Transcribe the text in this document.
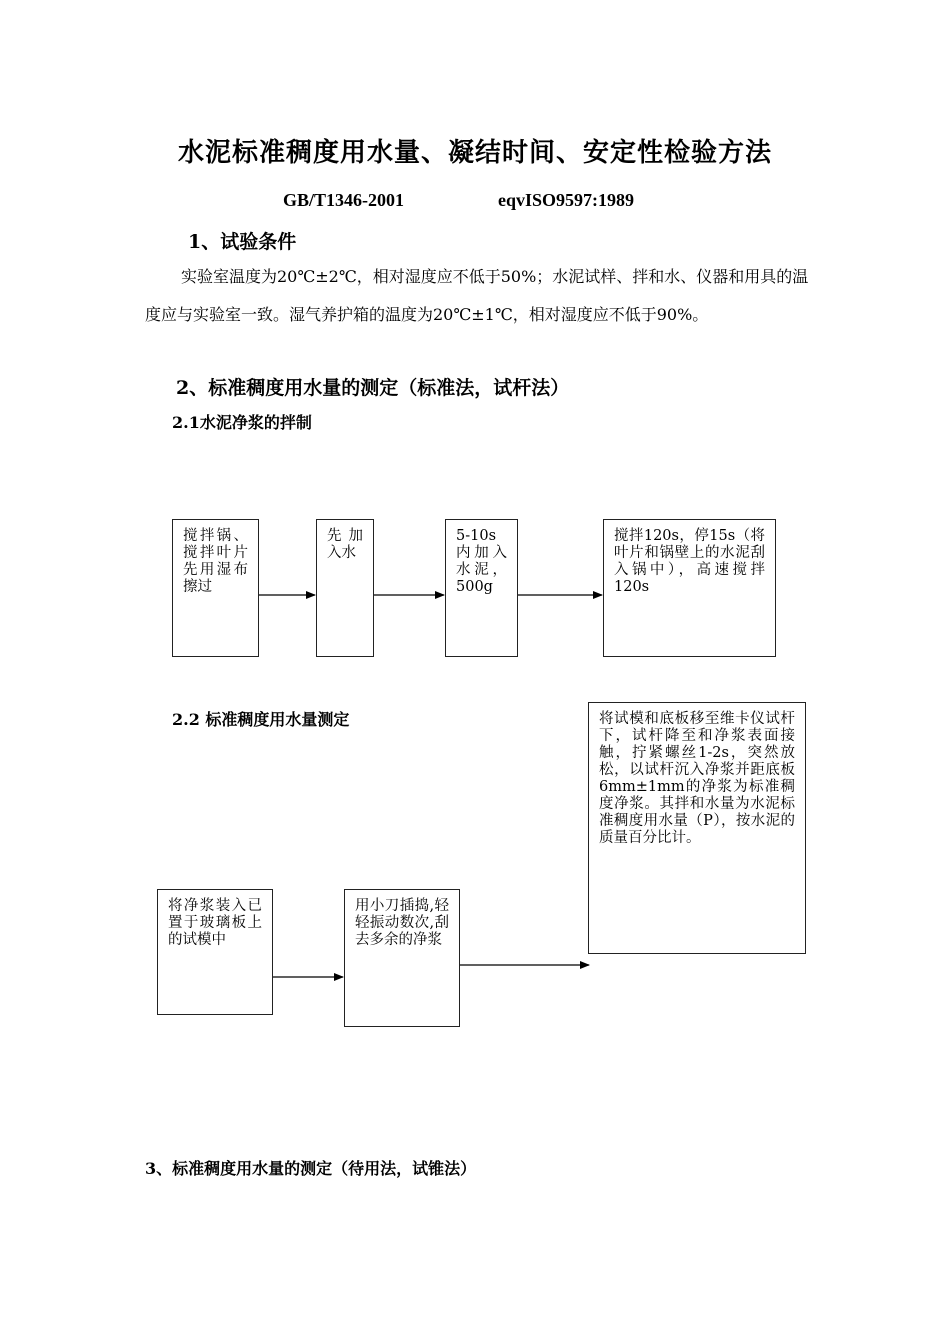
水泥标准稠度用水量、凝结时间、安定性检验方法
GB/T1346-2001	eqvISO9597:1989
1、试验条件
实验室温度为20℃±2℃，相对湿度应不低于50%；水泥试样、拌和水、仪器和用具的温度应与实验室一致。湿气养护箱的温度为20℃±1℃，相对湿度应不低于90%。
2、标准稠度用水量的测定（标准法，试杆法）
2.1水泥净浆的拌制
搅拌锅、搅拌叶片先用湿布擦过
先加入水
5-10s内加入水泥，500g
搅拌120s，停15s（将叶片和锅壁上的水泥刮入锅中），高速搅拌120s
2.2 标准稠度用水量测定
将净浆装入已置于玻璃板上的试模中
用小刀插捣,轻轻振动数次,刮去多余的净浆
将试模和底板移至维卡仪试杆下，试杆降至和净浆表面接触，拧紧螺丝1-2s，突然放松，以试杆沉入净浆并距底板6mm±1mm的净浆为标准稠度净浆。其拌和水量为水泥标准稠度用水量（P），按水泥的质量百分比计。
3、标准稠度用水量的测定（待用法，试锥法）
